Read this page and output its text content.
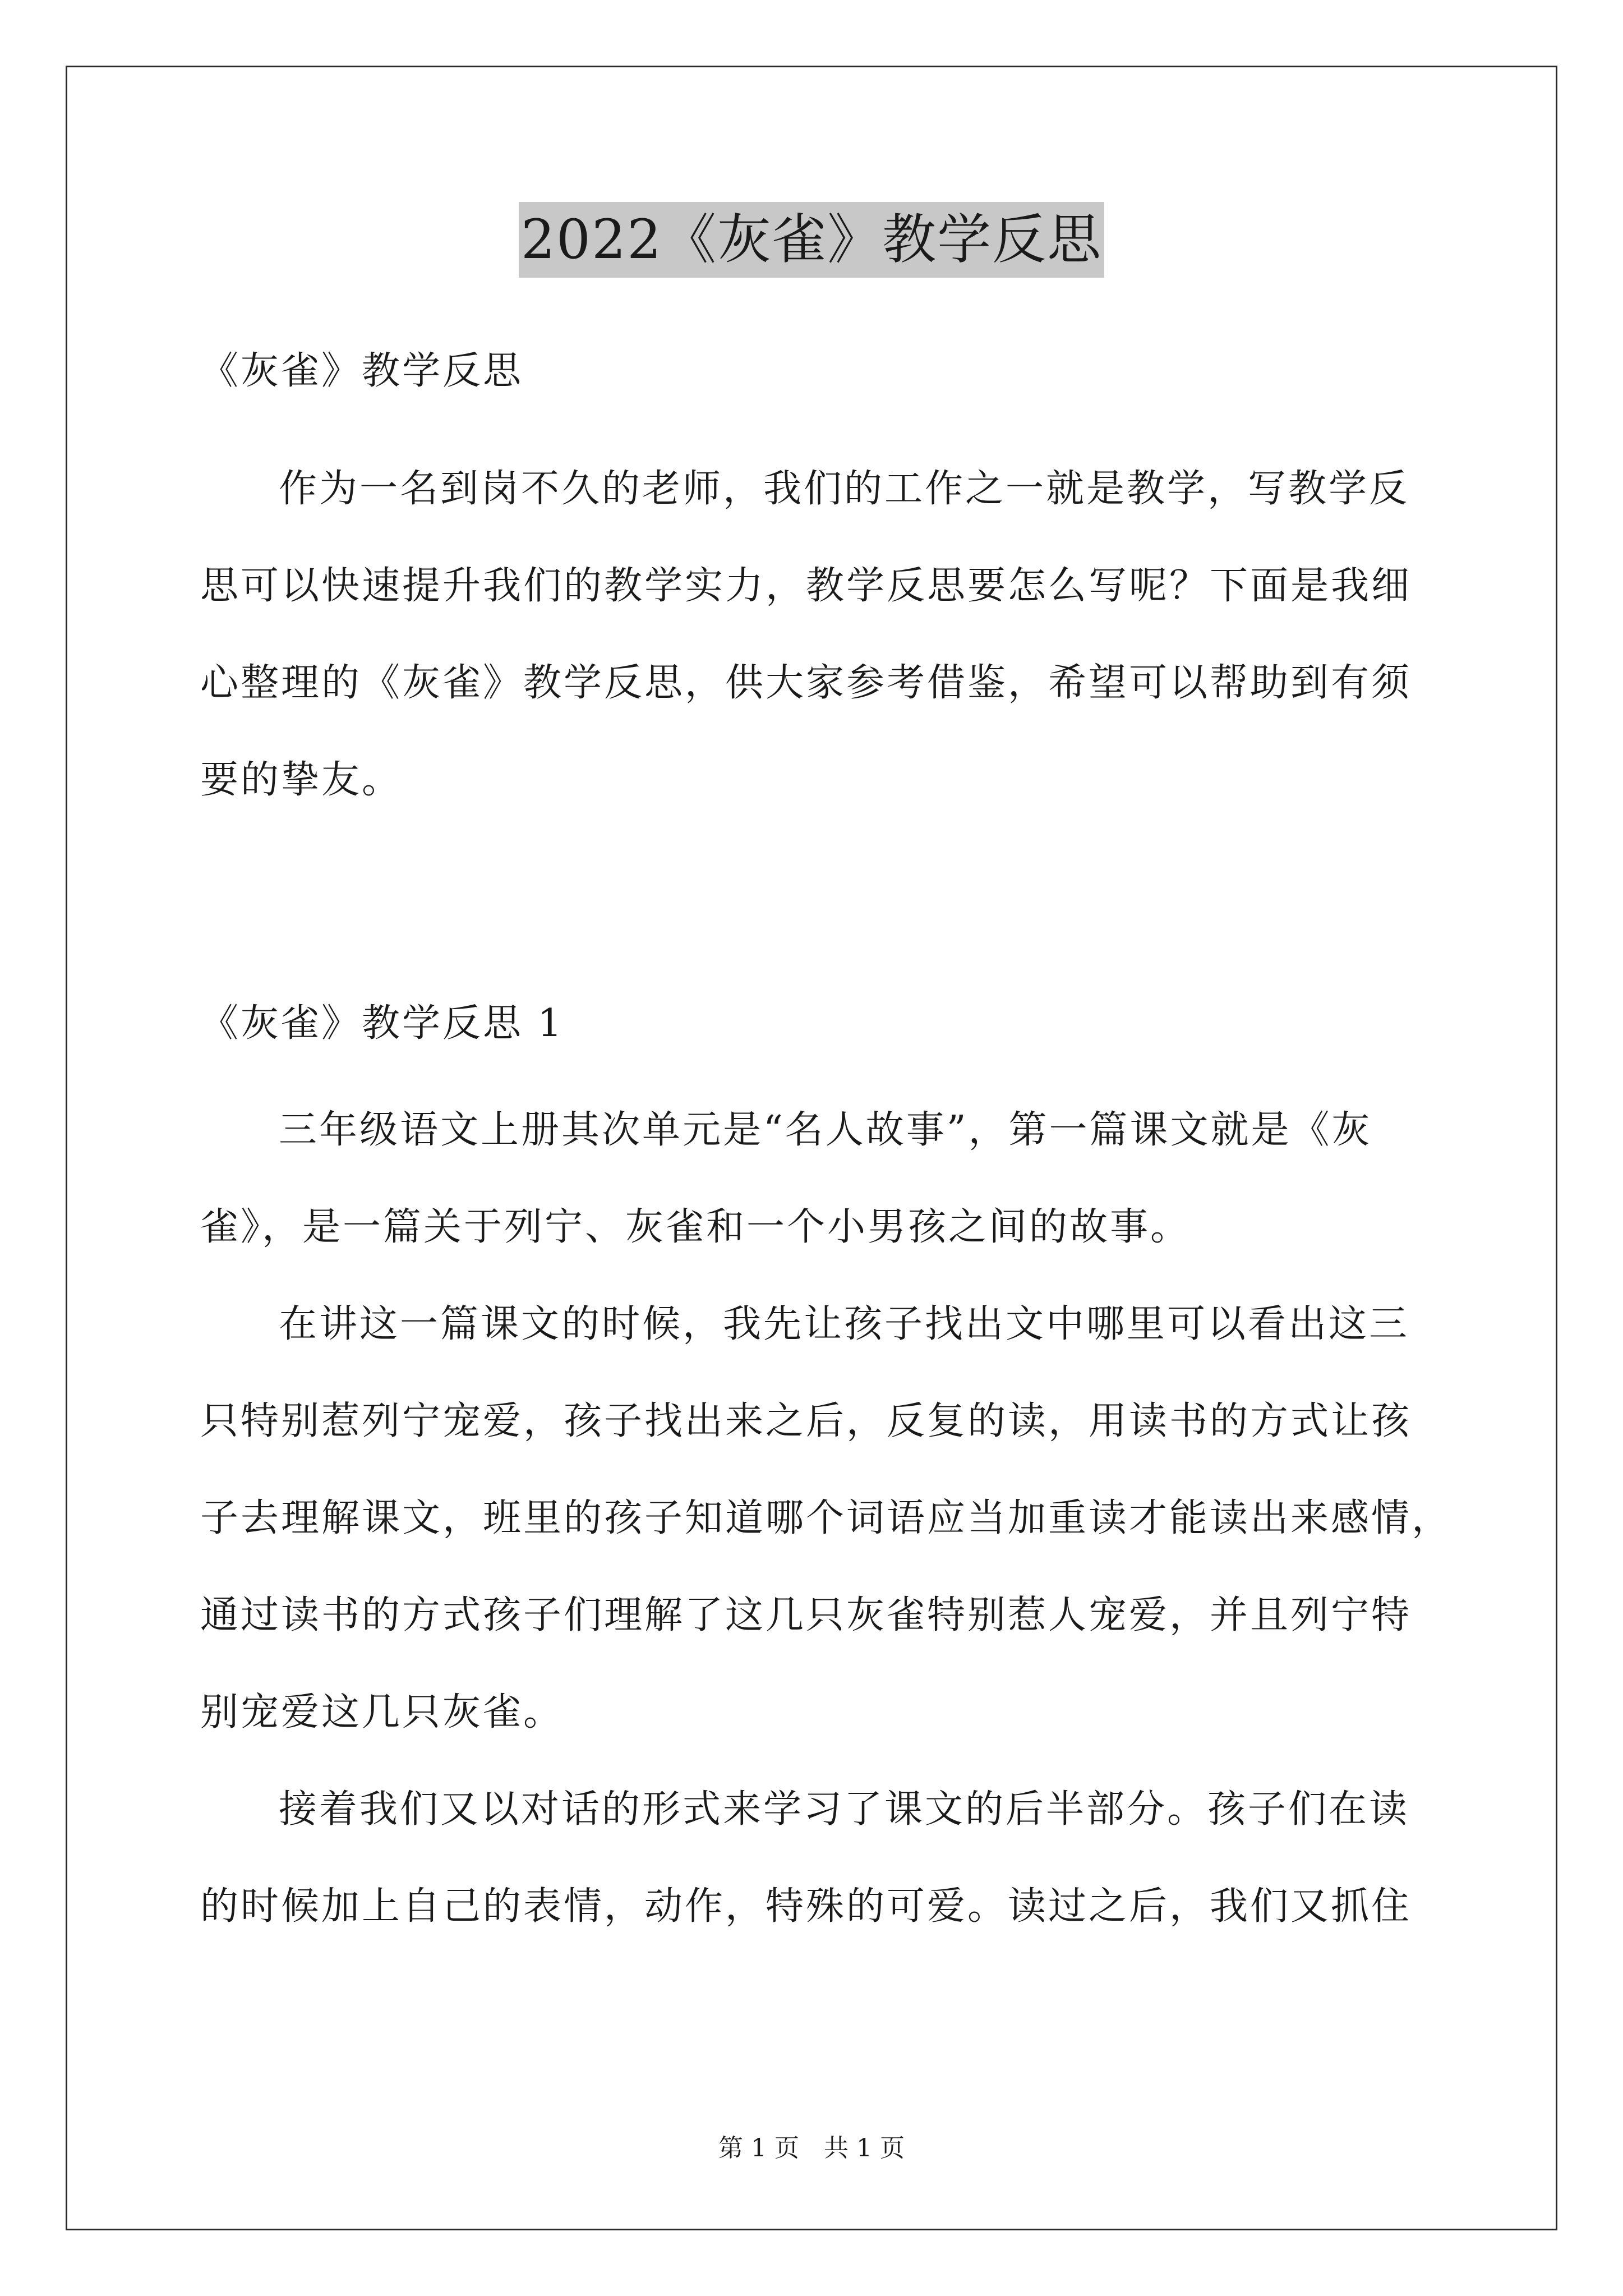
2022《灰雀》教学反思
《灰雀》教学反思
作为一名到岗不久的老师，我们的工作之一就是教学，写教学反
思可以快速提升我们的教学实力，教学反思要怎么写呢？下面是我细
心整理的《灰雀》教学反思，供大家参考借鉴，希望可以帮助到有须
要的挚友。
《灰雀》教学反思 1
三年级语文上册其次单元是“名人故事”，第一篇课文就是《灰
雀》，是一篇关于列宁、灰雀和一个小男孩之间的故事。
在讲这一篇课文的时候，我先让孩子找出文中哪里可以看出这三
只特别惹列宁宠爱，孩子找出来之后，反复的读，用读书的方式让孩
子去理解课文，班里的孩子知道哪个词语应当加重读才能读出来感情，
通过读书的方式孩子们理解了这几只灰雀特别惹人宠爱，并且列宁特
别宠爱这几只灰雀。
接着我们又以对话的形式来学习了课文的后半部分。孩子们在读
的时候加上自己的表情，动作，特殊的可爱。读过之后，我们又抓住
第 1 页　共 1 页
